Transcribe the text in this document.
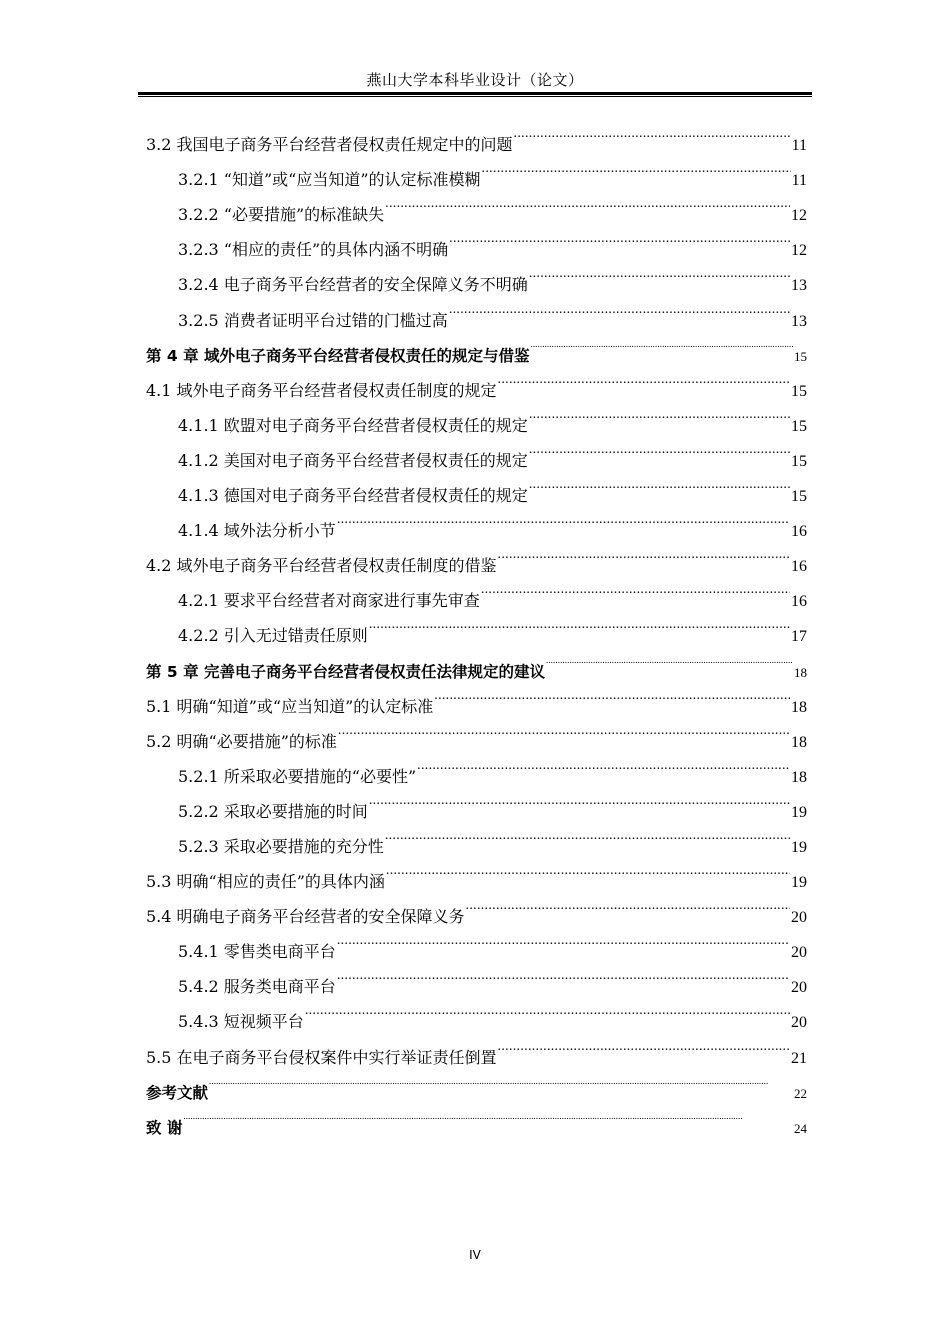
燕山大学本科毕业设计（论文）
3.2 我国电子商务平台经营者侵权责任规定中的问题 .....	11
3.2.1 “知道”或“应当知道”的认定标准模糊 .....	11
3.2.2 “必要措施”的标准缺失 .....	12
3.2.3 “相应的责任”的具体内涵不明确 .....	12
3.2.4 电子商务平台经营者的安全保障义务不明确 .....	13
3.2.5 消费者证明平台过错的门槛过高 .....	13
第 4 章 域外电子商务平台经营者侵权责任的规定与借鉴 .....	15
4.1 域外电子商务平台经营者侵权责任制度的规定 .....	15
4.1.1 欧盟对电子商务平台经营者侵权责任的规定 .....	15
4.1.2 美国对电子商务平台经营者侵权责任的规定 .....	15
4.1.3 德国对电子商务平台经营者侵权责任的规定 .....	15
4.1.4 域外法分析小节 .....	16
4.2 域外电子商务平台经营者侵权责任制度的借鉴 .....	16
4.2.1 要求平台经营者对商家进行事先审查 .....	16
4.2.2 引入无过错责任原则 .....	17
第 5 章 完善电子商务平台经营者侵权责任法律规定的建议 .....	18
5.1 明确“知道”或“应当知道”的认定标准 .....	18
5.2 明确“必要措施”的标准 .....	18
5.2.1 所采取必要措施的“必要性” .....	18
5.2.2 采取必要措施的时间 .....	19
5.2.3 采取必要措施的充分性 .....	19
5.3 明确“相应的责任”的具体内涵 .....	19
5.4 明确电子商务平台经营者的安全保障义务 .....	20
5.4.1 零售类电商平台 .....	20
5.4.2 服务类电商平台 .....	20
5.4.3 短视频平台 .....	20
5.5 在电子商务平台侵权案件中实行举证责任倒置 .....	21
参考文献 .....	22
致 谢 .....	24
IV
